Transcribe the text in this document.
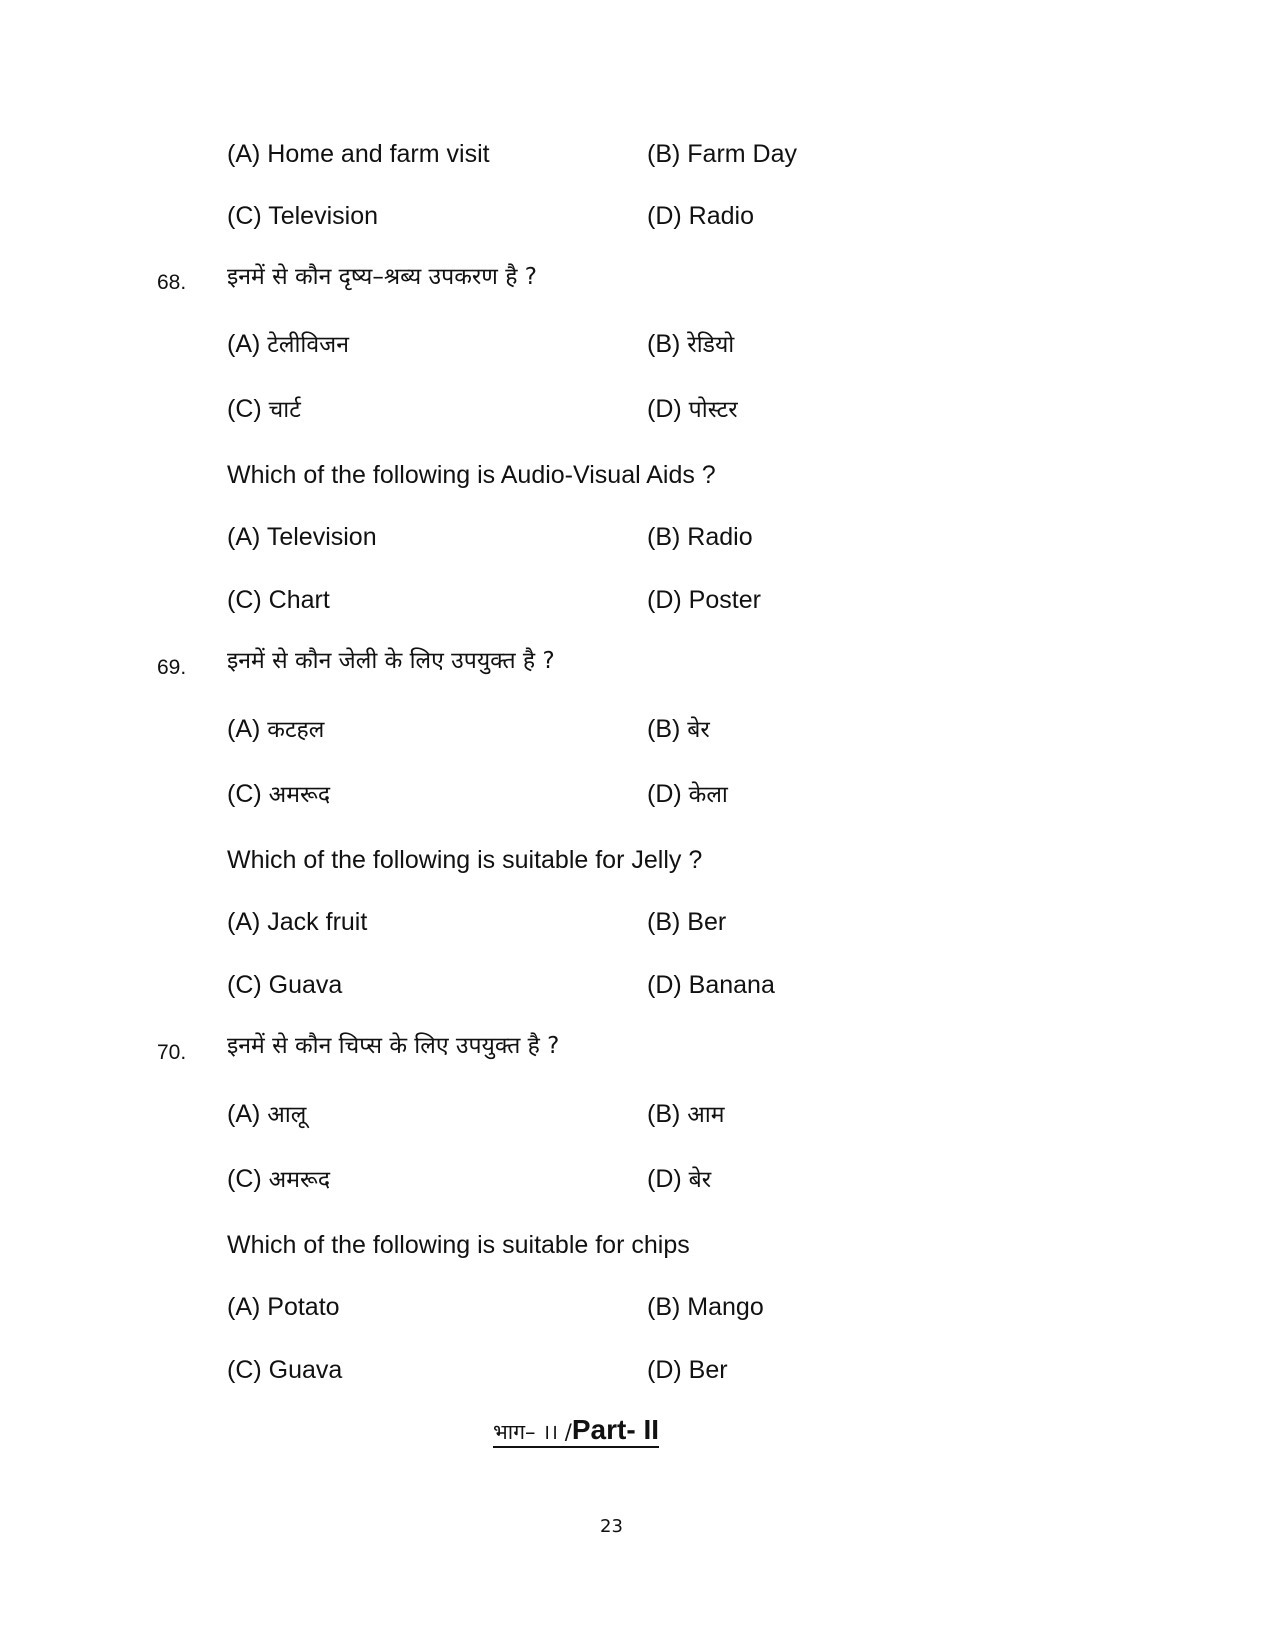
(A) Home and farm visit	(B) Farm Day
(C) Television	(D) Radio
68. इनमें से कौन दृष्य–श्रब्य उपकरण है ?
(A) टेलीविजन	(B) रेडियो
(C) चार्ट	(D) पोस्टर
Which of the following is Audio-Visual Aids ?
(A) Television	(B) Radio
(C) Chart	(D) Poster
69. इनमें से कौन जेली के लिए उपयुक्त है ?
(A) कटहल	(B) बेर
(C) अमरूद	(D) केला
Which of the following is suitable for Jelly ?
(A) Jack fruit	(B) Ber
(C) Guava	(D) Banana
70. इनमें से कौन चिप्स के लिए उपयुक्त है ?
(A) आलू	(B) आम
(C) अमरूद	(D) बेर
Which of the following is suitable for chips
(A) Potato	(B) Mango
(C) Guava	(D) Ber
भाग– ।। /Part- II
23
